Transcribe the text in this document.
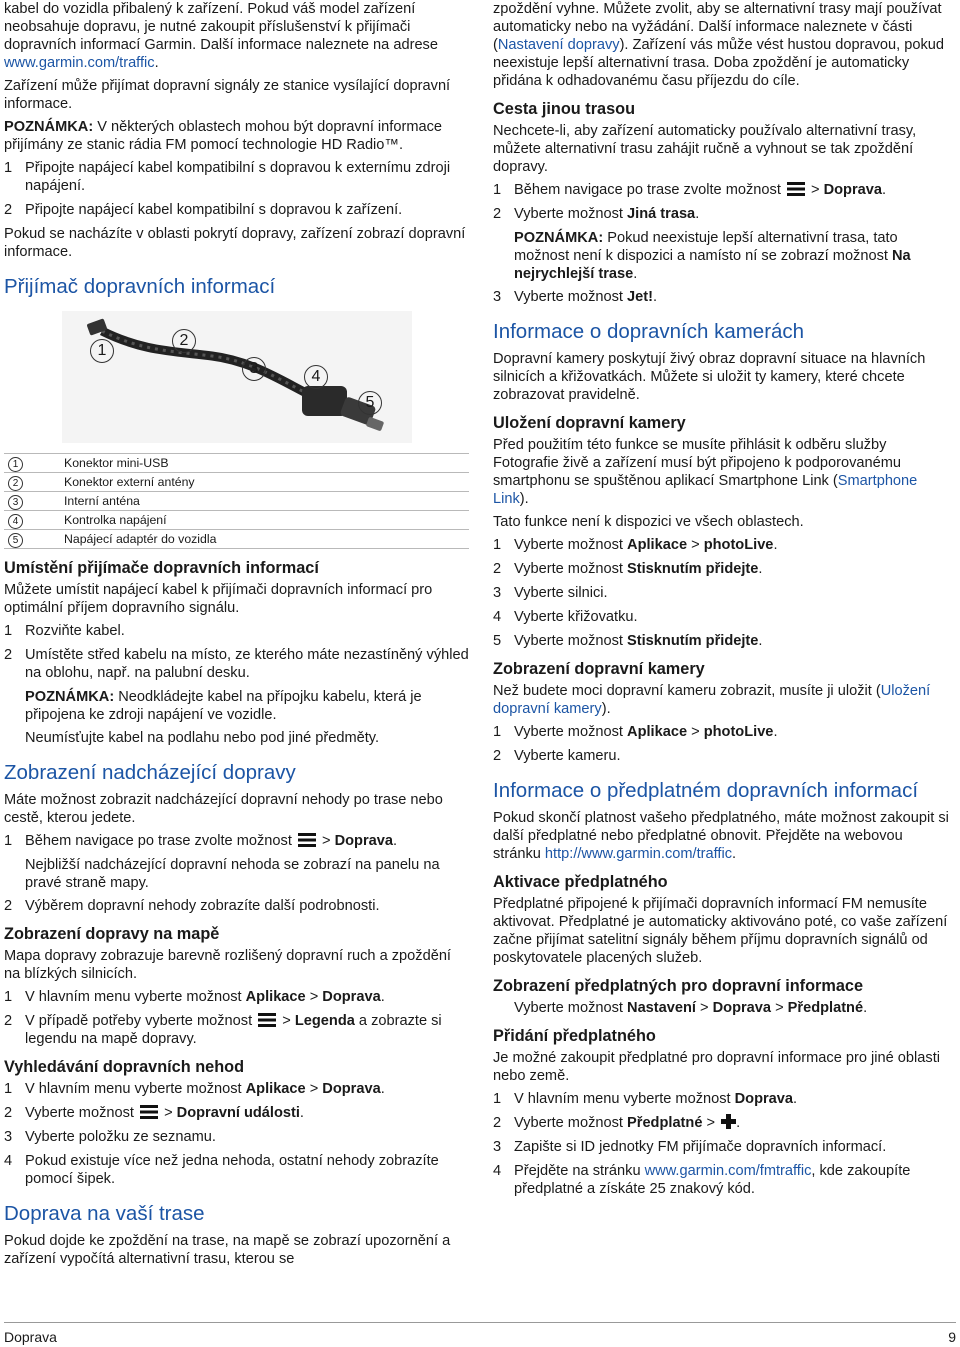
kabel do vozidla přibalený k zařízení. Pokud váš model zařízení neobsahuje dopravu, je nutné zakoupit příslušenství k přijímači dopravních informací Garmin. Další informace naleznete na adrese www.garmin.com/traffic.

Zařízení může přijímat dopravní signály ze stanice vysílající dopravní informace.

POZNÁMKA: V některých oblastech mohou být dopravní informace přijímány ze stanic rádia FM pomocí technologie HD Radio™.

1 Připojte napájecí kabel kompatibilní s dopravou k externímu zdroji napájení.
2 Připojte napájecí kabel kompatibilní s dopravou k zařízení.

Pokud se nacházíte v oblasti pokrytí dopravy, zařízení zobrazí dopravní informace.

Přijímač dopravních informací
1
2
3	4
5
1	Konektor mini-USB
2	Konektor externí antény
3	Interní anténa
4	Kontrolka napájení
5	Napájecí adaptér do vozidla
Umístění přijímače dopravních informací

Můžete umístit napájecí kabel k přijímači dopravních informací pro optimální příjem dopravního signálu.

1 Rozviňte kabel.
2 Umístěte střed kabelu na místo, ze kterého máte nezastíněný výhled na oblohu, např. na palubní desku.
POZNÁMKA: Neodkládejte kabel na přípojku kabelu, která je připojena ke zdroji napájení ve vozidle.
Neumísťujte kabel na podlahu nebo pod jiné předměty.
Zobrazení nadcházející dopravy

Máte možnost zobrazit nadcházející dopravní nehody po trase nebo cestě, kterou jedete.

1 Během navigace po trase zvolte možnost  > Doprava.
Nejbližší nadcházející dopravní nehoda se zobrazí na panelu na pravé straně mapy.
2 Výběrem dopravní nehody zobrazíte další podrobnosti.
Zobrazení dopravy na mapě

Mapa dopravy zobrazuje barevně rozlišený dopravní ruch a zpoždění na blízkých silnicích.

1 V hlavním menu vyberte možnost Aplikace > Doprava.
2 V případě potřeby vyberte možnost  > Legenda a zobrazte si legendu na mapě dopravy.
Vyhledávání dopravních nehod
1 V hlavním menu vyberte možnost Aplikace > Doprava.
2 Vyberte možnost  > Dopravní události.
3 Vyberte položku ze seznamu.
4 Pokud existuje více než jedna nehoda, ostatní nehody zobrazíte pomocí šipek.
Doprava na vaší trase

Pokud dojde ke zpoždění na trase, na mapě se zobrazí upozornění a zařízení vypočítá alternativní trasu, kterou se

zpoždění vyhne. Můžete zvolit, aby se alternativní trasy mají používat automaticky nebo na vyžádání. Další informace naleznete v části (Nastavení dopravy). Zařízení vás může vést hustou dopravou, pokud neexistuje lepší alternativní trasa. Doba zpoždění je automaticky přidána k odhadovanému času příjezdu do cíle.

Cesta jinou trasou

Nechcete-li, aby zařízení automaticky používalo alternativní trasy, můžete alternativní trasu zahájit ručně a vyhnout se tak zpoždění dopravy.

1 Během navigace po trase zvolte možnost  > Doprava.
2 Vyberte možnost Jiná trasa.
POZNÁMKA: Pokud neexistuje lepší alternativní trasa, tato možnost není k dispozici a namísto ní se zobrazí možnost Na nejrychlejší trase.
3 Vyberte možnost Jet!.
Informace o dopravních kamerách

Dopravní kamery poskytují živý obraz dopravní situace na hlavních silnicích a křižovatkách. Můžete si uložit ty kamery, které chcete zobrazovat pravidelně.

Uložení dopravní kamery

Před použitím této funkce se musíte přihlásit k odběru služby Fotografie živě a zařízení musí být připojeno k podporovanému smartphonu se spuštěnou aplikací Smartphone Link (Smartphone Link).

Tato funkce není k dispozici ve všech oblastech.

1 Vyberte možnost Aplikace > photoLive.
2 Vyberte možnost Stisknutím přidejte.
3 Vyberte silnici.
4 Vyberte křižovatku.
5 Vyberte možnost Stisknutím přidejte.
Zobrazení dopravní kamery

Než budete moci dopravní kameru zobrazit, musíte ji uložit (Uložení dopravní kamery).

1 Vyberte možnost Aplikace > photoLive.
2 Vyberte kameru.
Informace o předplatném dopravních informací

Pokud skončí platnost vašeho předplatného, máte možnost zakoupit si další předplatné nebo předplatné obnovit. Přejděte na webovou stránku http://www.garmin.com/traffic.

Aktivace předplatného

Předplatné připojené k přijímači dopravních informací FM nemusíte aktivovat. Předplatné je automaticky aktivováno poté, co vaše zařízení začne přijímat satelitní signály během příjmu dopravních signálů od poskytovatele placených služeb.

Zobrazení předplatných pro dopravní informace
Vyberte možnost Nastavení > Doprava > Předplatné.
Přidání předplatného

Je možné zakoupit předplatné pro dopravní informace pro jiné oblasti nebo země.

1 V hlavním menu vyberte možnost Doprava.
2 Vyberte možnost Předplatné > .
3 Zapište si ID jednotky FM přijímače dopravních informací.
4 Přejděte na stránku www.garmin.com/fmtraffic, kde zakoupíte předplatné a získáte 25 znakový kód.
Doprava	9
